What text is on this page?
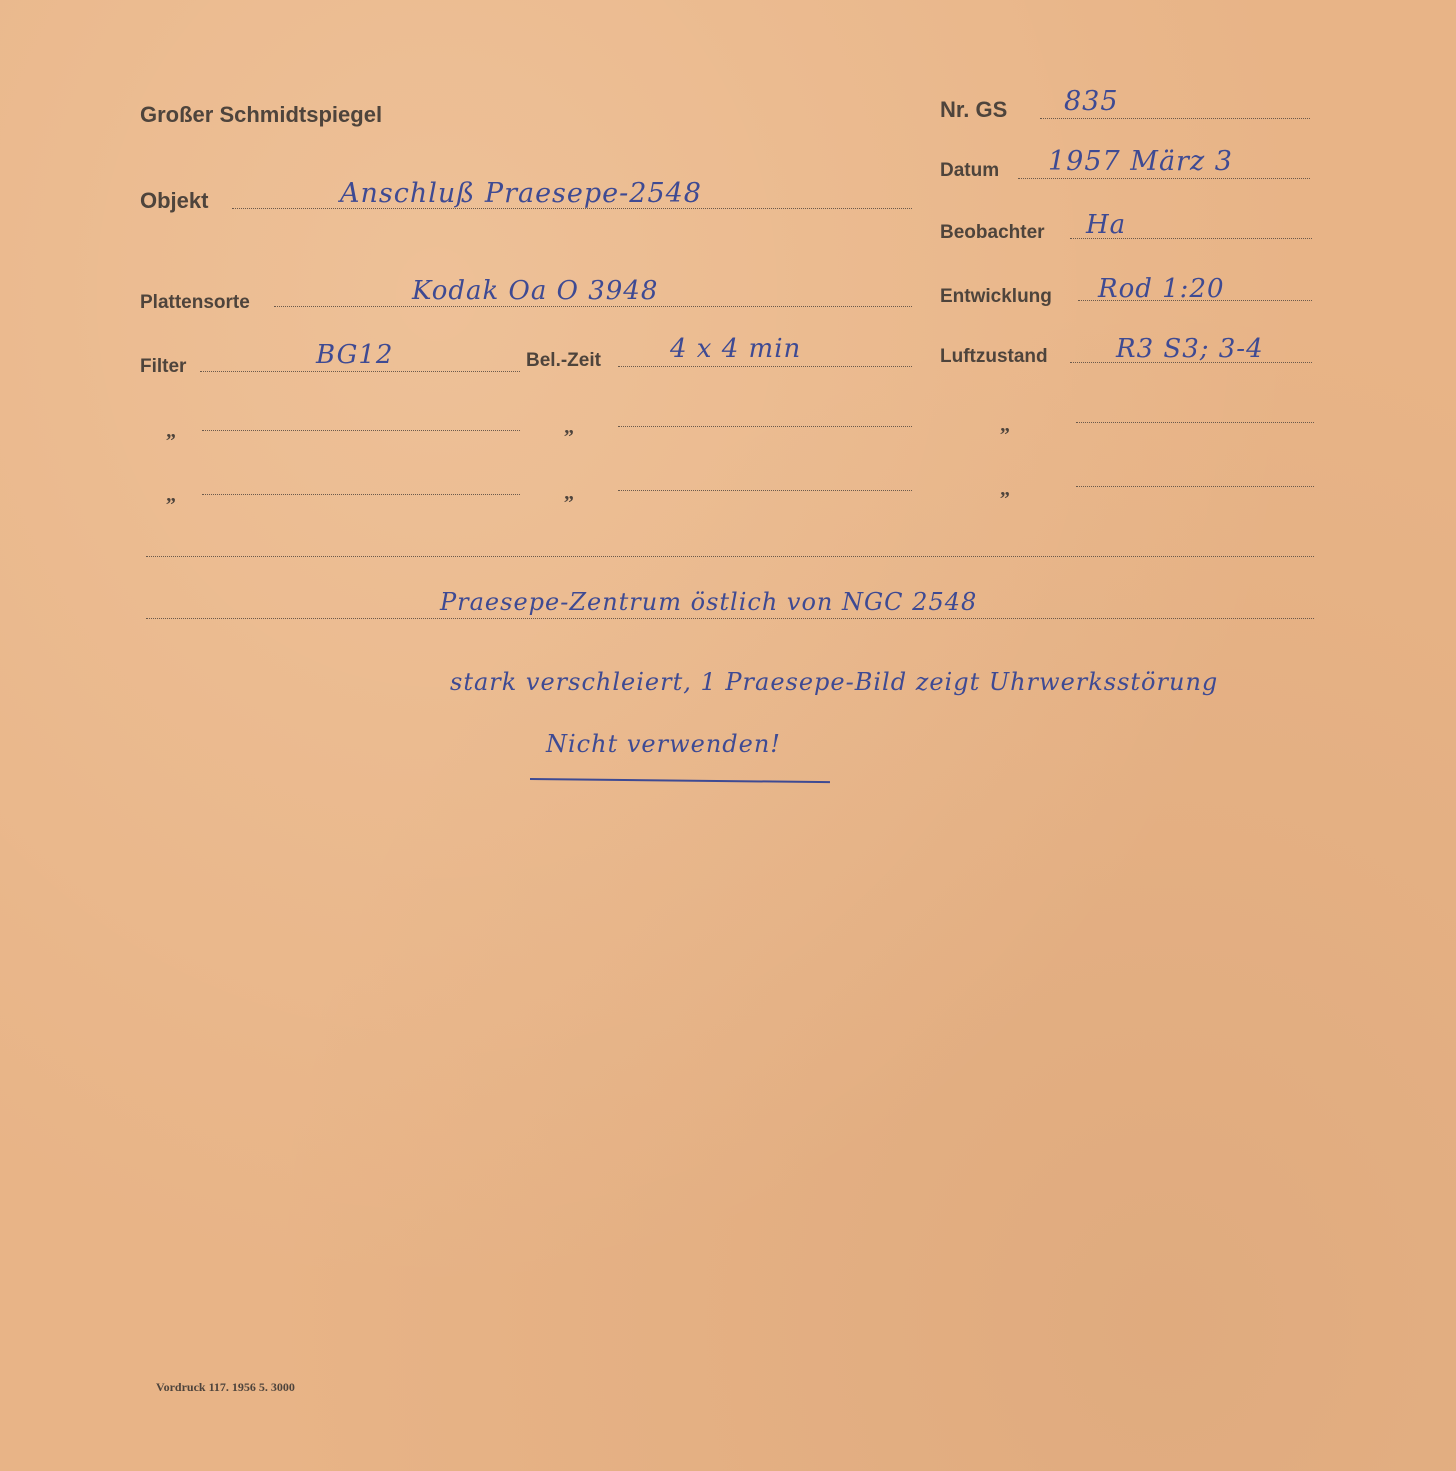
Großer Schmidtspiegel	Nr. GS 835
Datum 1957 März 3
Objekt	Anschluß Praesepe-2548
Beobachter Ha
Plattensorte	Kodak Oa O 3948	Entwicklung Rod 1:20
Filter	BG12	Bel.-Zeit	4 x 4 min	Luftzustand	R3 S3; 3-4
„	„	„
„	„	„
Praesepe-Zentrum östlich von NGC 2548
stark verschleiert, 1 Praesepe-Bild zeigt Uhrwerksstörung
Nicht verwenden!
Vordruck 117. 1956 5. 3000
